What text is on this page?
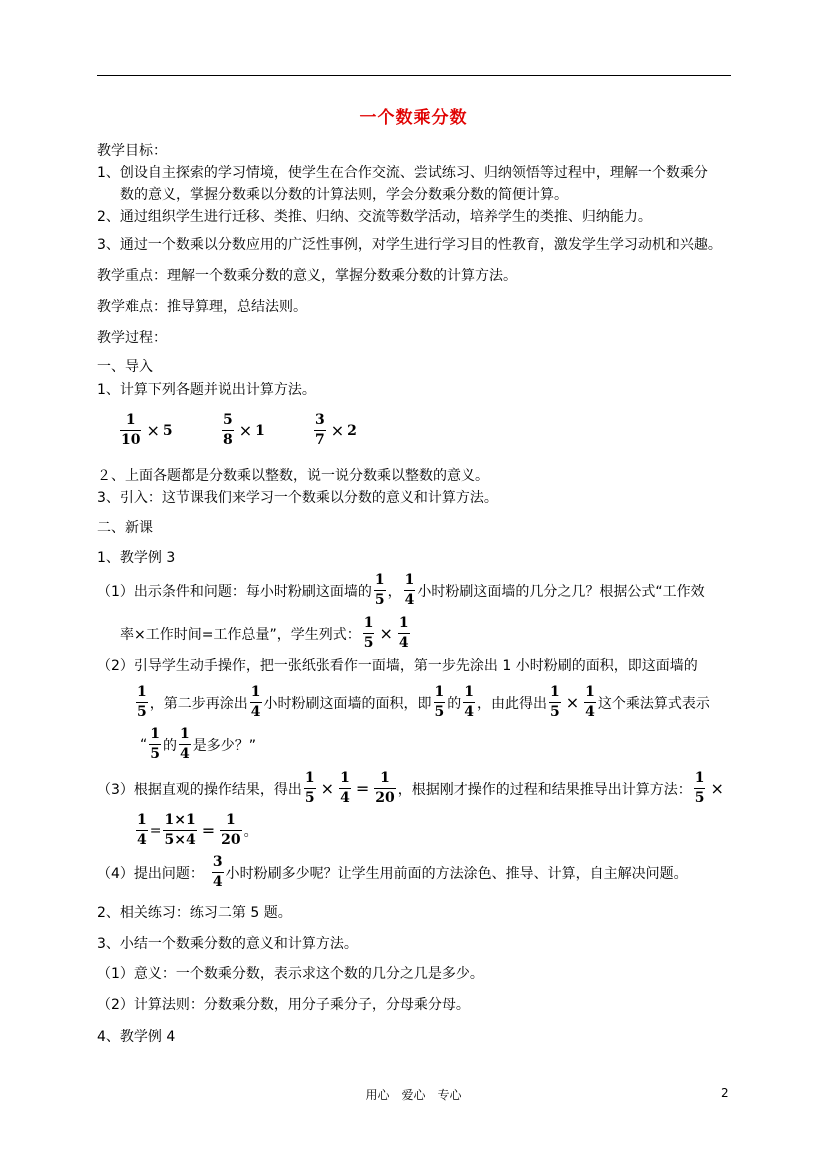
一个数乘分数
教学目标：
1、创设自主探索的学习情境，使学生在合作交流、尝试练习、归纳领悟等过程中，理解一个数乘分
数的意义，掌握分数乘以分数的计算法则，学会分数乘分数的简便计算。
2、通过组织学生进行迁移、类推、归纳、交流等数学活动，培养学生的类推、归纳能力。
3、通过一个数乘以分数应用的广泛性事例，对学生进行学习目的性教育，激发学生学习动机和兴趣。
教学重点：理解一个数乘分数的意义，掌握分数乘分数的计算方法。
教学难点：推导算理，总结法则。
教学过程：
一、导入
1、计算下列各题并说出计算方法。
$\frac{1}{10} \times 5$	$\frac{5}{8} \times 1$	$\frac{3}{7} \times 2$
２、上面各题都是分数乘以整数，说一说分数乘以整数的意义。
3、引入：这节课我们来学习一个数乘以分数的意义和计算方法。
二、新课
1、教学例 3
（1）出示条件和问题：每小时粉刷这面墙的 $\frac{1}{5}$ ， $\frac{1}{4}$ 小时粉刷这面墙的几分之几？根据公式“工作效
率×工作时间=工作总量”，学生列式： $\frac{1}{5} \times \frac{1}{4}$
（2）引导学生动手操作，把一张纸张看作一面墙，第一步先涂出 1 小时粉刷的面积，即这面墙的
$\frac{1}{5}$ ，第二步再涂出 $\frac{1}{4}$ 小时粉刷这面墙的面积，即 $\frac{1}{5}$ 的 $\frac{1}{4}$ ，由此得出 $\frac{1}{5} \times \frac{1}{4}$ 这个乘法算式表示
“ $\frac{1}{5}$ 的 $\frac{1}{4}$ 是多少？”
（3）根据直观的操作结果，得出 $\frac{1}{5} \times \frac{1}{4} = \frac{1}{20}$ ，根据刚才操作的过程和结果推导出计算方法： $\frac{1}{5}$ ×
$\frac{1}{4} = \frac{1\times 1}{5\times 4} = \frac{1}{20}$ 。
（4）提出问题： $\frac{3}{4}$ 小时粉刷多少呢？让学生用前面的方法涂色、推导、计算，自主解决问题。
2、相关练习：练习二第 5 题。
3、小结一个数乘分数的意义和计算方法。
（1）意义：一个数乘分数，表示求这个数的几分之几是多少。
（2）计算法则：分数乘分数，用分子乘分子，分母乘分母。
4、教学例 4
用心　爱心　专心	2
